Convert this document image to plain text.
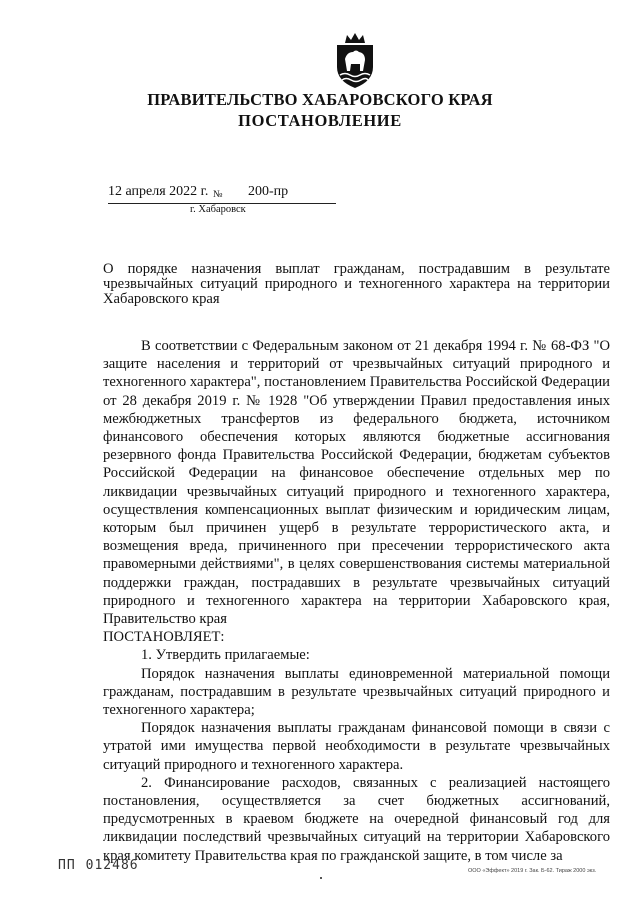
ПРАВИТЕЛЬСТВО ХАБАРОВСКОГО КРАЯ
ПОСТАНОВЛЕНИЕ
12 апреля 2022 г. № 200-пр
г. Хабаровск
О порядке назначения выплат гражданам, пострадавшим в результате чрезвычайных ситуаций природного и техногенного характера на территории Хабаровского края

В соответствии с Федеральным законом от 21 декабря 1994 г. № 68-ФЗ "О защите населения и территорий от чрезвычайных ситуаций природного и техногенного характера", постановлением Правительства Российской Федерации от 28 декабря 2019 г. № 1928 "Об утверждении Правил предоставления иных межбюджетных трансфертов из федерального бюджета, источником финансового обеспечения которых являются бюджетные ассигнования резервного фонда Правительства Российской Федерации, бюджетам субъектов Российской Федерации на финансовое обеспечение отдельных мер по ликвидации чрезвычайных ситуаций природного и техногенного характера, осуществления компенсационных выплат физическим и юридическим лицам, которым был причинен ущерб в результате террористического акта, и возмещения вреда, причиненного при пресечении террористического акта правомерными действиями", в целях совершенствования системы материальной поддержки граждан, пострадавших в результате чрезвычайных ситуаций природного и техногенного характера на территории Хабаровского края, Правительство края

ПОСТАНОВЛЯЕТ:

1. Утвердить прилагаемые:

Порядок назначения выплаты единовременной материальной помощи гражданам, пострадавшим в результате чрезвычайных ситуаций природного и техногенного характера;

Порядок назначения выплаты гражданам финансовой помощи в связи с утратой ими имущества первой необходимости в результате чрезвычайных ситуаций природного и техногенного характера.

2. Финансирование расходов, связанных с реализацией настоящего постановления, осуществляется за счет бюджетных ассигнований, предусмотренных в краевом бюджете на очередной финансовый год для ликвидации последствий чрезвычайных ситуаций на территории Хабаровского края комитету Правительства края по гражданской защите, в том числе за

ПП 012486	ООО «Эффект» 2019 г. Зак. Б-62. Тираж 2000 экз.
